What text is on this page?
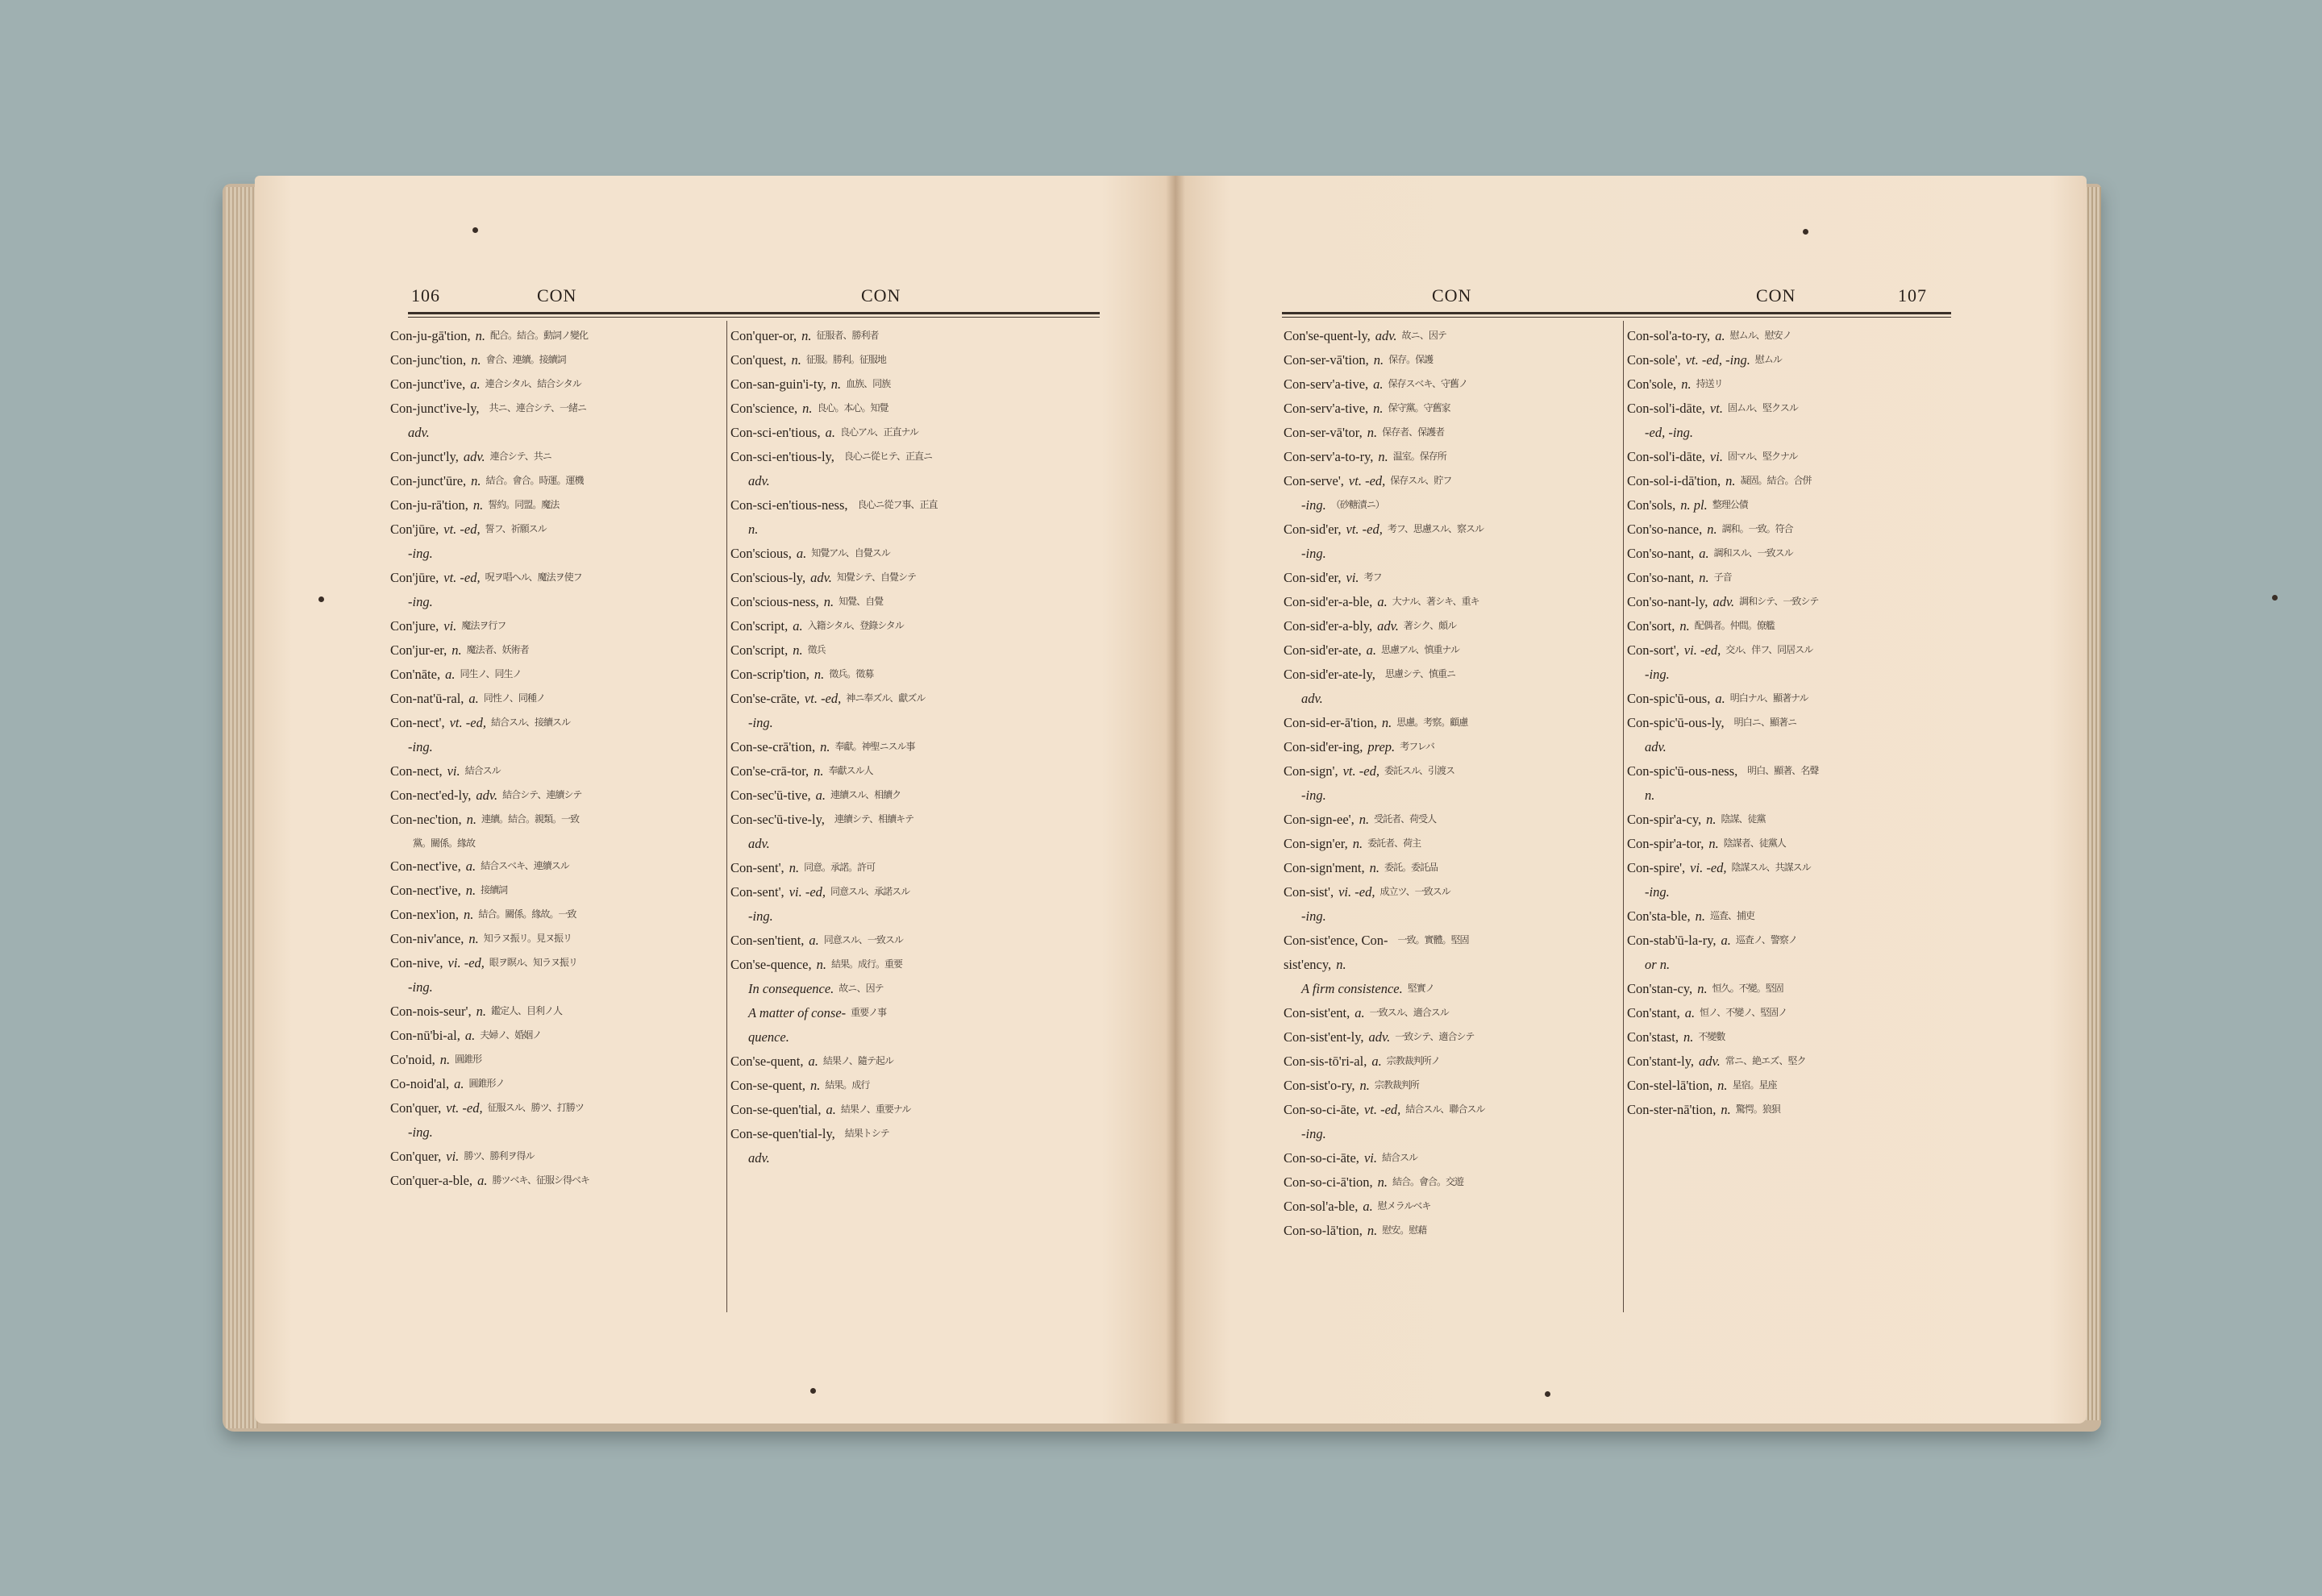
106	CON	CON
Con-ju-gā'tion, n. 配合。結合。動詞ノ變化
Con-junc'tion, n. 會合、連續。接續詞
Con-junct'ive, a. 連合シタル、結合シタル
Con-junct'ive-ly, 共ニ、連合シテ、一緒ニ
adv.
Con-junct'ly, adv. 連合シテ、共ニ
Con-junct'ūre, n. 結合。會合。時運。運機
Con-ju-rā'tion, n. 誓約。同盟。魔法
Con'jūre, vt. -ed, 誓フ、祈願スル
-ing.
Con'jūre, vt. -ed, 呪ヲ唱ヘル、魔法ヲ使フ
-ing.
Con'jure, vi. 魔法ヲ行フ
Con'jur-er, n. 魔法者、妖術者
Con'nāte, a. 同生ノ、同生ノ
Con-nat'ū-ral, a. 同性ノ、同種ノ
Con-nect', vt. -ed, 結合スル、接續スル
-ing.
Con-nect, vi. 結合スル
Con-nect'ed-ly, adv. 結合シテ、連續シテ
Con-nec'tion, n. 連續。結合。親類。一致
黨。關係。緣故
Con-nect'ive, a. 結合スベキ、連續スル
Con-nect'ive, n. 接續詞
Con-nex'ion, n. 結合。關係。緣故。一致
Con-niv'ance, n. 知ラヌ振リ。見ヌ振リ
Con-nive, vi. -ed, 眼ヲ瞑ル、知ラヌ振リ
-ing.
Con-nois-seur', n. 鑑定人、目利ノ人
Con-nū'bi-al, a. 夫婦ノ、婚姻ノ
Co'noid, n. 圓錐形
Co-noid'al, a. 圓錐形ノ
Con'quer, vt. -ed, 征服スル、勝ツ、打勝ツ
-ing.
Con'quer, vi. 勝ツ、勝利ヲ得ル
Con'quer-a-ble, a. 勝ツベキ、征服シ得ベキ
Con'quer-or, n. 征服者、勝利者
Con'quest, n. 征服。勝利。征服地
Con-san-guin'i-ty, n. 血族、同族
Con'science, n. 良心。本心。知覺
Con-sci-en'tious, a. 良心アル、正直ナル
Con-sci-en'tious-ly, 良心ニ從ヒテ、正直ニ
adv.
Con-sci-en'tious-ness, 良心ニ從フ事、正直
n.
Con'scious, a. 知覺アル、自覺スル
Con'scious-ly, adv. 知覺シテ、自覺シテ
Con'scious-ness, n. 知覺、自覺
Con'script, a. 入籍シタル、登錄シタル
Con'script, n. 徵兵
Con-scrip'tion, n. 徵兵。徵募
Con'se-crāte, vt. -ed, 神ニ奉ズル、獻ズル
-ing.
Con-se-crā'tion, n. 奉獻。神聖ニスル事
Con'se-crā-tor, n. 奉獻スル人
Con-sec'ū-tive, a. 連續スル、相續ク
Con-sec'ū-tive-ly, 連續シテ、相續キテ
adv.
Con-sent', n. 同意。承諾。許可
Con-sent', vi. -ed, 同意スル、承諾スル
-ing.
Con-sen'tient, a. 同意スル、一致スル
Con'se-quence, n. 結果。成行。重要
In consequence. 故ニ、因テ
A matter of conse- 重要ノ事
quence.
Con'se-quent, a. 結果ノ、隨テ起ル
Con-se-quent, n. 結果。成行
Con-se-quen'tial, a. 結果ノ、重要ナル
Con-se-quen'tial-ly, 結果トシテ
adv.
CON	CON	107
Con'se-quent-ly, adv. 故ニ、因テ
Con-ser-vā'tion, n. 保存。保護
Con-serv'a-tive, a. 保存スベキ、守舊ノ
Con-serv'a-tive, n. 保守黨。守舊家
Con-ser-vā'tor, n. 保存者、保護者
Con-serv'a-to-ry, n. 温室。保存所
Con-serve', vt. -ed, 保存スル、貯フ
-ing. （砂糖漬ニ）
Con-sid'er, vt. -ed, 考フ、思慮スル、察スル
-ing.
Con-sid'er, vi. 考フ
Con-sid'er-a-ble, a. 大ナル、著シキ、重キ
Con-sid'er-a-bly, adv. 著シク、頗ル
Con-sid'er-ate, a. 思慮アル、慎重ナル
Con-sid'er-ate-ly, 思慮シテ、慎重ニ
adv.
Con-sid-er-ā'tion, n. 思慮。考察。顧慮
Con-sid'er-ing, prep. 考フレバ
Con-sign', vt. -ed, 委託スル、引渡ス
-ing.
Con-sign-ee', n. 受託者、荷受人
Con-sign'er, n. 委託者、荷主
Con-sign'ment, n. 委託。委託品
Con-sist', vi. -ed, 成立ツ、一致スル
-ing.
Con-sist'ence, Con- 一致。實體。堅固
sist'ency, n.
A firm consistence. 堅實ノ
Con-sist'ent, a. 一致スル、適合スル
Con-sist'ent-ly, adv. 一致シテ、適合シテ
Con-sis-tō'ri-al, a. 宗教裁判所ノ
Con-sist'o-ry, n. 宗教裁判所
Con-so-ci-āte, vt. -ed, 結合スル、聯合スル
-ing.
Con-so-ci-āte, vi. 結合スル
Con-so-ci-ā'tion, n. 結合。會合。交遊
Con-sol'a-ble, a. 慰メラルベキ
Con-so-lā'tion, n. 慰安。慰藉
Con-sol'a-to-ry, a. 慰ムル、慰安ノ
Con-sole', vt. -ed, -ing. 慰ムル
Con'sole, n. 持送リ
Con-sol'i-dāte, vt. 固ムル、堅クスル
-ed, -ing.
Con-sol'i-dāte, vi. 固マル、堅クナル
Con-sol-i-dā'tion, n. 凝固。結合。合併
Con'sols, n. pl. 整理公債
Con'so-nance, n. 調和。一致。符合
Con'so-nant, a. 調和スル、一致スル
Con'so-nant, n. 子音
Con'so-nant-ly, adv. 調和シテ、一致シテ
Con'sort, n. 配偶者。仲間。僚艦
Con-sort', vi. -ed, 交ル、伴フ、同居スル
-ing.
Con-spic'ū-ous, a. 明白ナル、顯著ナル
Con-spic'ū-ous-ly, 明白ニ、顯著ニ
adv.
Con-spic'ū-ous-ness, 明白、顯著、名聲
n.
Con-spir'a-cy, n. 陰謀、徒黨
Con-spir'a-tor, n. 陰謀者、徒黨人
Con-spire', vi. -ed, 陰謀スル、共謀スル
-ing.
Con'sta-ble, n. 巡査、捕吏
Con-stab'ū-la-ry, a. 巡査ノ、警察ノ
or n.
Con'stan-cy, n. 恒久。不變。堅固
Con'stant, a. 恒ノ、不變ノ、堅固ノ
Con'stast, n. 不變數
Con'stant-ly, adv. 常ニ、絶エズ、堅ク
Con-stel-lā'tion, n. 星宿。星座
Con-ster-nā'tion, n. 驚愕。狼狽
